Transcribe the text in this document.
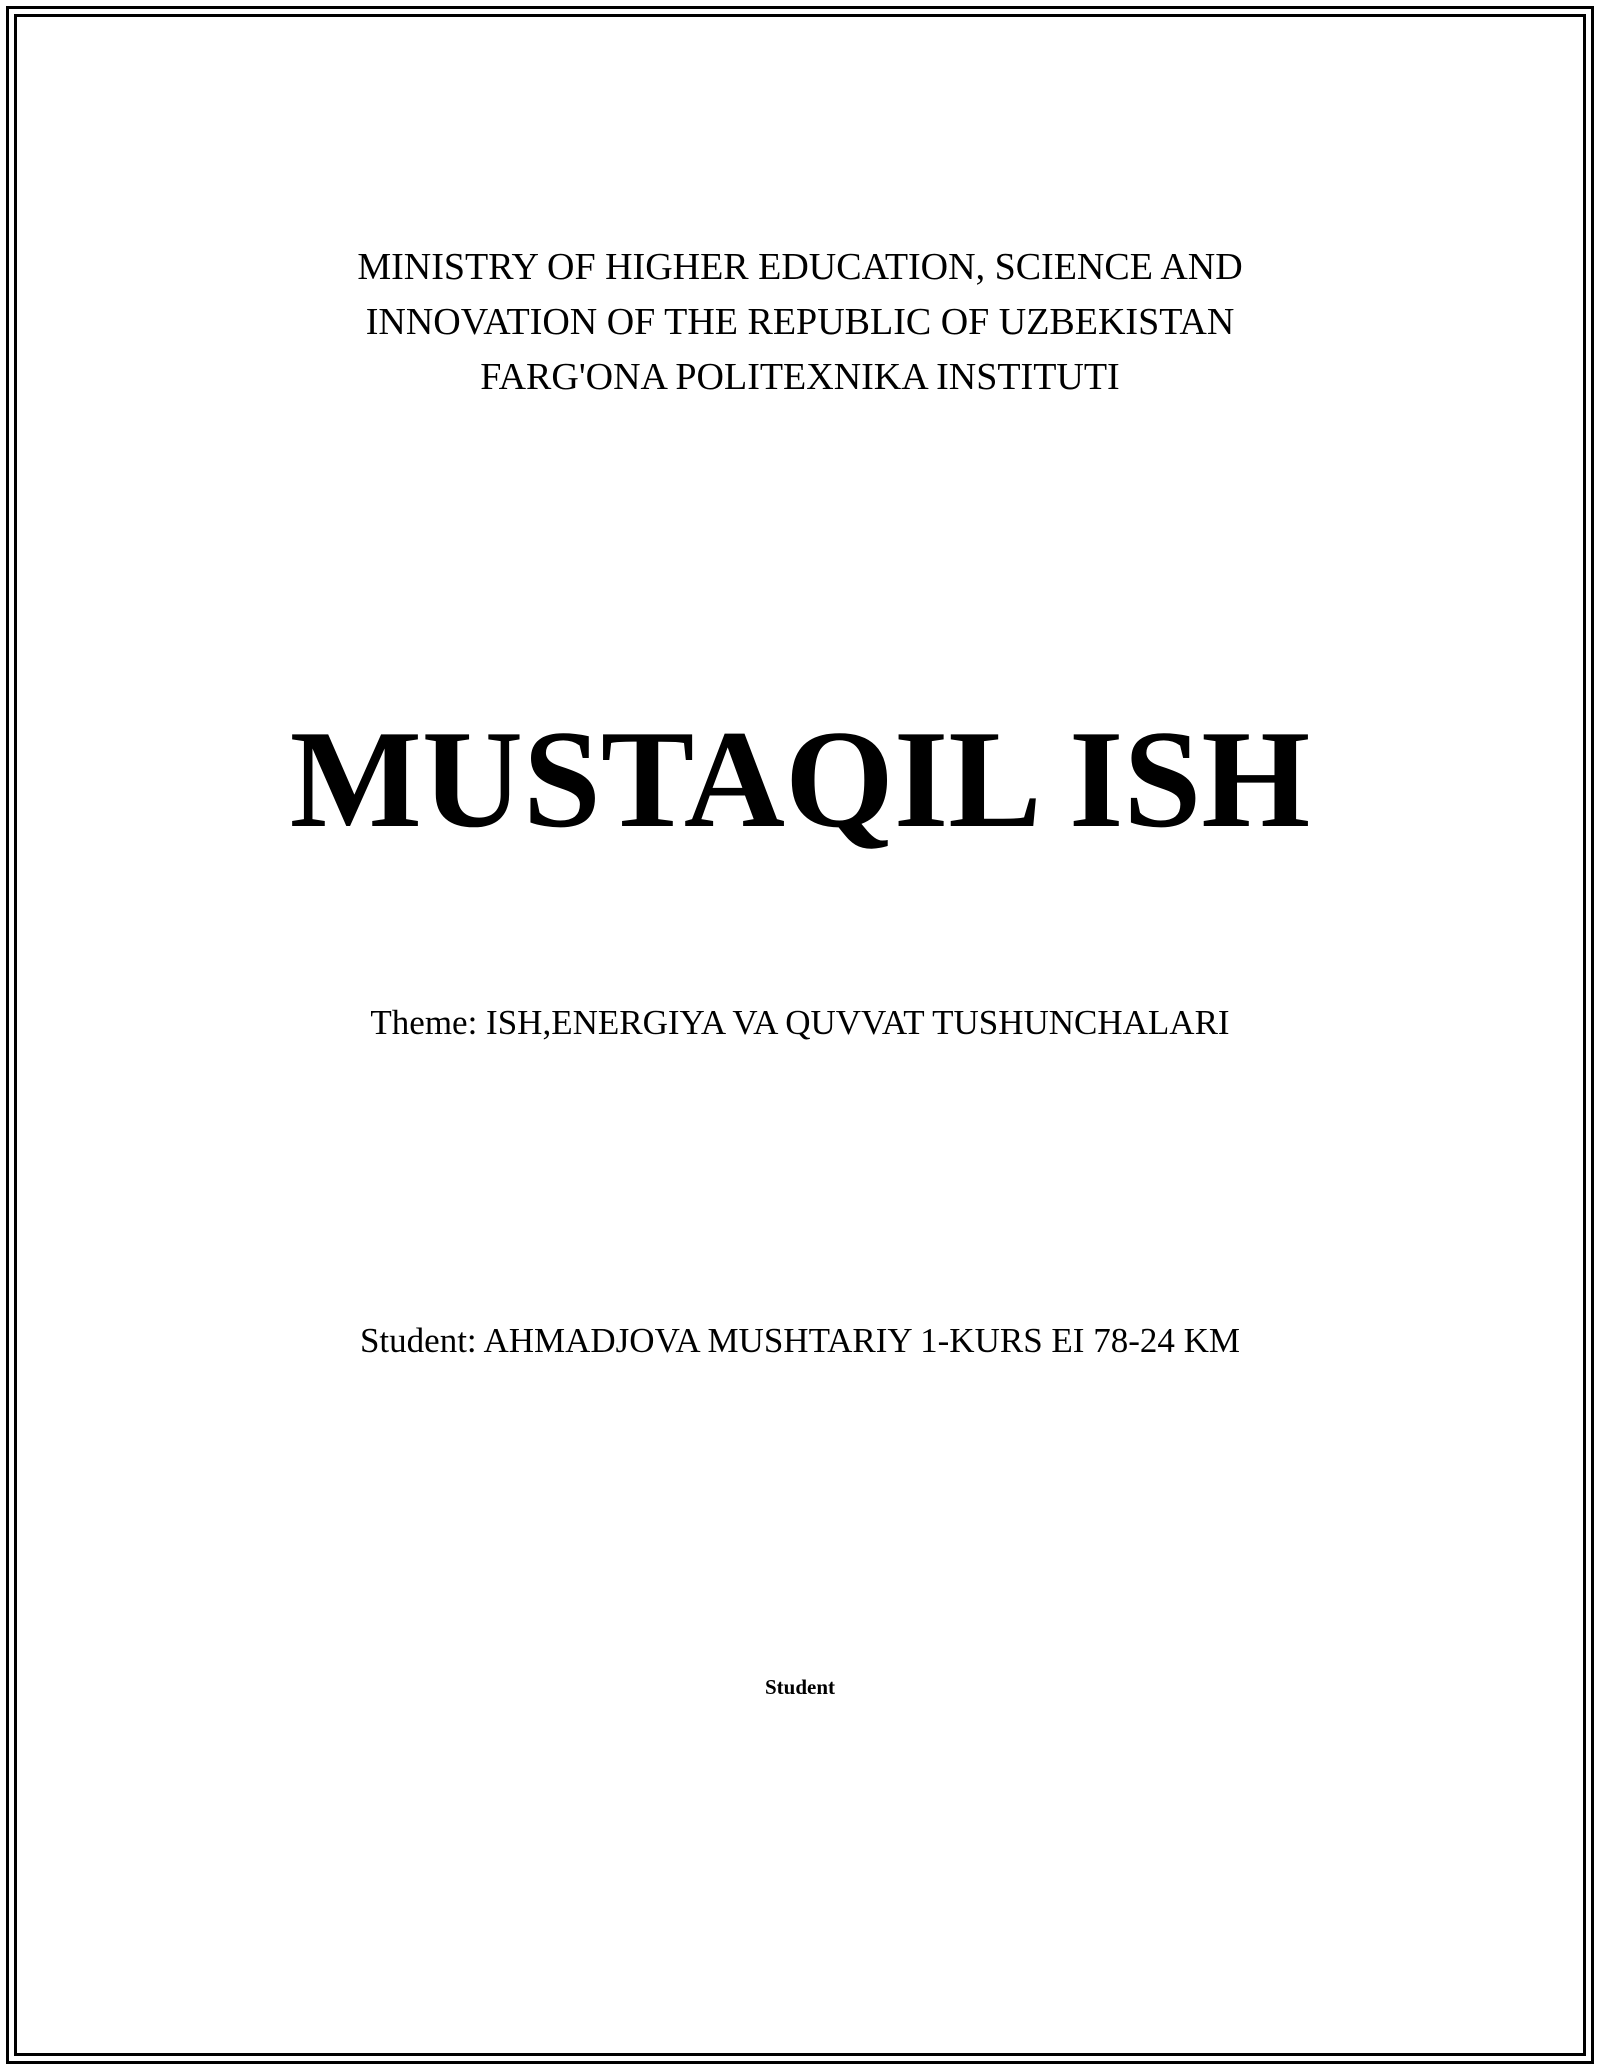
MINISTRY OF HIGHER EDUCATION, SCIENCE AND
INNOVATION OF THE REPUBLIC OF UZBEKISTAN
FARG'ONA POLITEXNIKA INSTITUTI
MUSTAQIL ISH
Theme: ISH,ENERGIYA VA QUVVAT TUSHUNCHALARI
Student: AHMADJOVA MUSHTARIY 1-KURS EI 78-24 KM
Student
